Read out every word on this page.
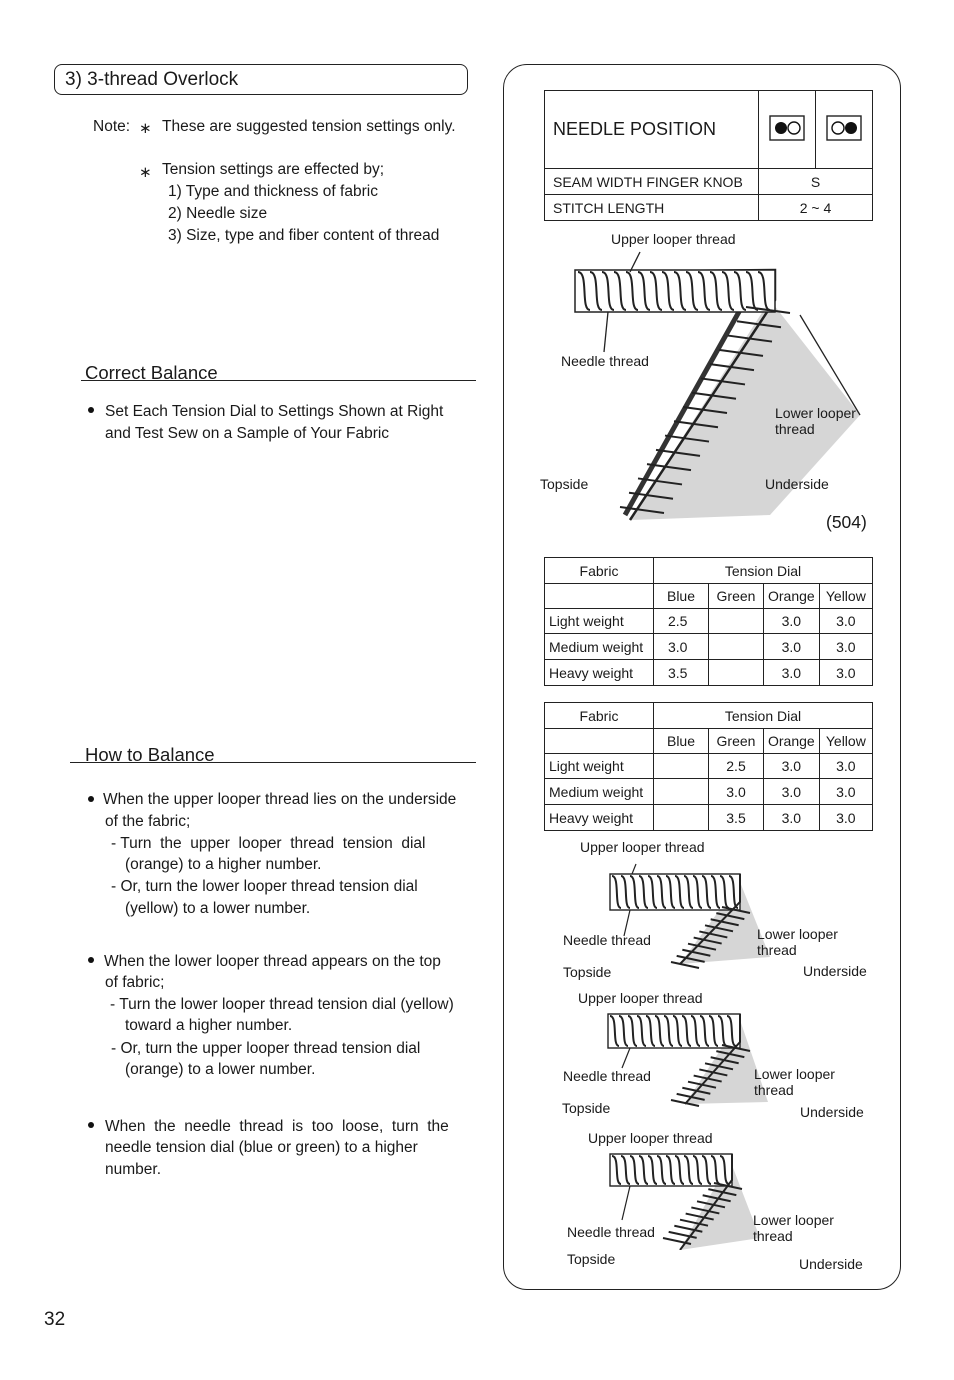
3) 3-thread Overlock
Note: ∗ These are suggested tension settings only.
∗ Tension settings are effected by;
1) Type and thickness of fabric
2) Needle size
3) Size, type and fiber content of thread
Correct Balance
Set Each Tension Dial to Settings Shown at Right
and Test Sew on a Sample of Your Fabric
How to Balance
When the upper looper thread lies on the underside
of the fabric;
- Turn  the  upper  looper  thread  tension  dial
(orange) to a higher number.
- Or, turn the lower looper thread tension dial
(yellow) to a lower number.
When the lower looper thread appears on the top
of fabric;
- Turn the lower looper thread tension dial (yellow)
toward a higher number.
- Or, turn the upper looper thread tension dial
(orange) to a lower number.
When  the  needle  thread  is  too  loose,  turn  the
needle tension dial (blue or green) to a higher
number.
NEEDLE POSITION		
SEAM WIDTH FINGER KNOB	S	
STITCH LENGTH	2 ~ 4	
Upper looper thread
Needle thread
Lower looper
thread
Topside	Underside
(504)
Fabric	Tension Dial			
	Blue	Green	Orange	Yellow
Light weight	2.5		3.0	3.0
Medium weight	3.0		3.0	3.0
Heavy weight	3.5		3.0	3.0
Fabric	Tension Dial			
	Blue	Green	Orange	Yellow
Light weight		2.5	3.0	3.0
Medium weight		3.0	3.0	3.0
Heavy weight		3.5	3.0	3.0
Upper looper thread
Needle thread	Lower looper
thread
Topside	Underside
Upper looper thread
Needle thread	Lower looper
thread
Topside	Underside
Upper looper thread
Needle thread
Lower looper
thread
Topside	Underside
32
